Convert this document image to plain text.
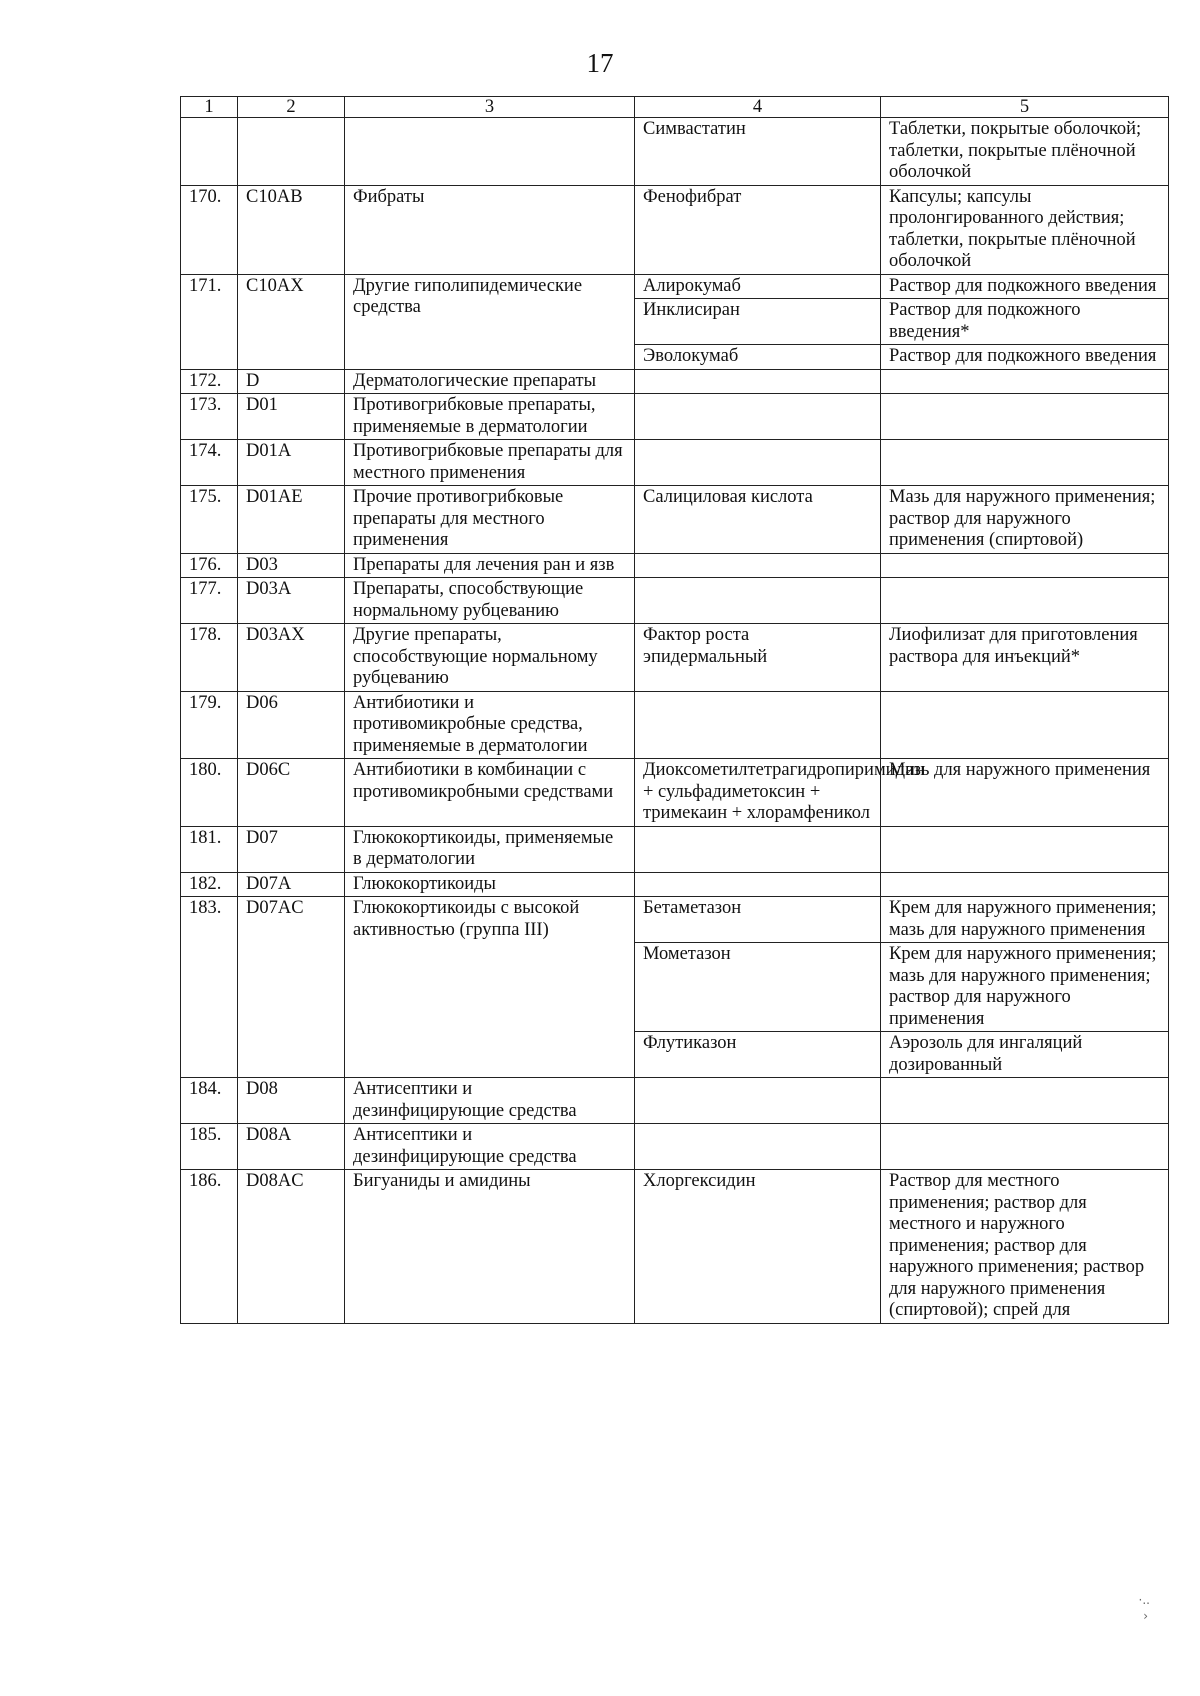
17
1	2	3	4	5
			Симвастатин	Таблетки, покрытые оболочкой; таблетки, покрытые плёночной оболочкой
170.	C10AB	Фибраты	Фенофибрат	Капсулы; капсулы пролонгированного действия; таблетки, покрытые плёночной оболочкой
171.	C10AX	Другие гиполипидемические средства	Алирокумаб	Раствор для подкожного введения
			Инклисиран	Раствор для подкожного введения*
			Эволокумаб	Раствор для подкожного введения
172.	D	Дерматологические препараты		
173.	D01	Противогрибковые препараты, применяемые в дерматологии		
174.	D01A	Противогрибковые препараты для местного применения		
175.	D01AE	Прочие противогрибковые препараты для местного применения	Салициловая кислота	Мазь для наружного применения; раствор для наружного применения (спиртовой)
176.	D03	Препараты для лечения ран и язв		
177.	D03A	Препараты, способствующие нормальному рубцеванию		
178.	D03AX	Другие препараты, способствующие нормальному рубцеванию	Фактор роста эпидермальный	Лиофилизат для приготовления раствора для инъекций*
179.	D06	Антибиотики и противомикробные средства, применяемые в дерматологии		
180.	D06C	Антибиотики в комбинации с противомикробными средствами	Диоксометилтетрагидропиримидин + сульфадиметоксин + тримекаин + хлорамфеникол	Мазь для наружного применения
181.	D07	Глюкокортикоиды, применяемые в дерматологии		
182.	D07A	Глюкокортикоиды		
183.	D07AC	Глюкокортикоиды с высокой активностью (группа III)	Бетаметазон	Крем для наружного применения; мазь для наружного применения
			Мометазон	Крем для наружного применения; мазь для наружного применения; раствор для наружного применения
			Флутиказон	Аэрозоль для ингаляций дозированный
184.	D08	Антисептики и дезинфицирующие средства		
185.	D08A	Антисептики и дезинфицирующие средства		
186.	D08AC	Бигуаниды и амидины	Хлоргексидин	Раствор для местного применения; раствор для местного и наружного применения; раствор для наружного применения; раствор для наружного применения (спиртовой); спрей для
·..
›
